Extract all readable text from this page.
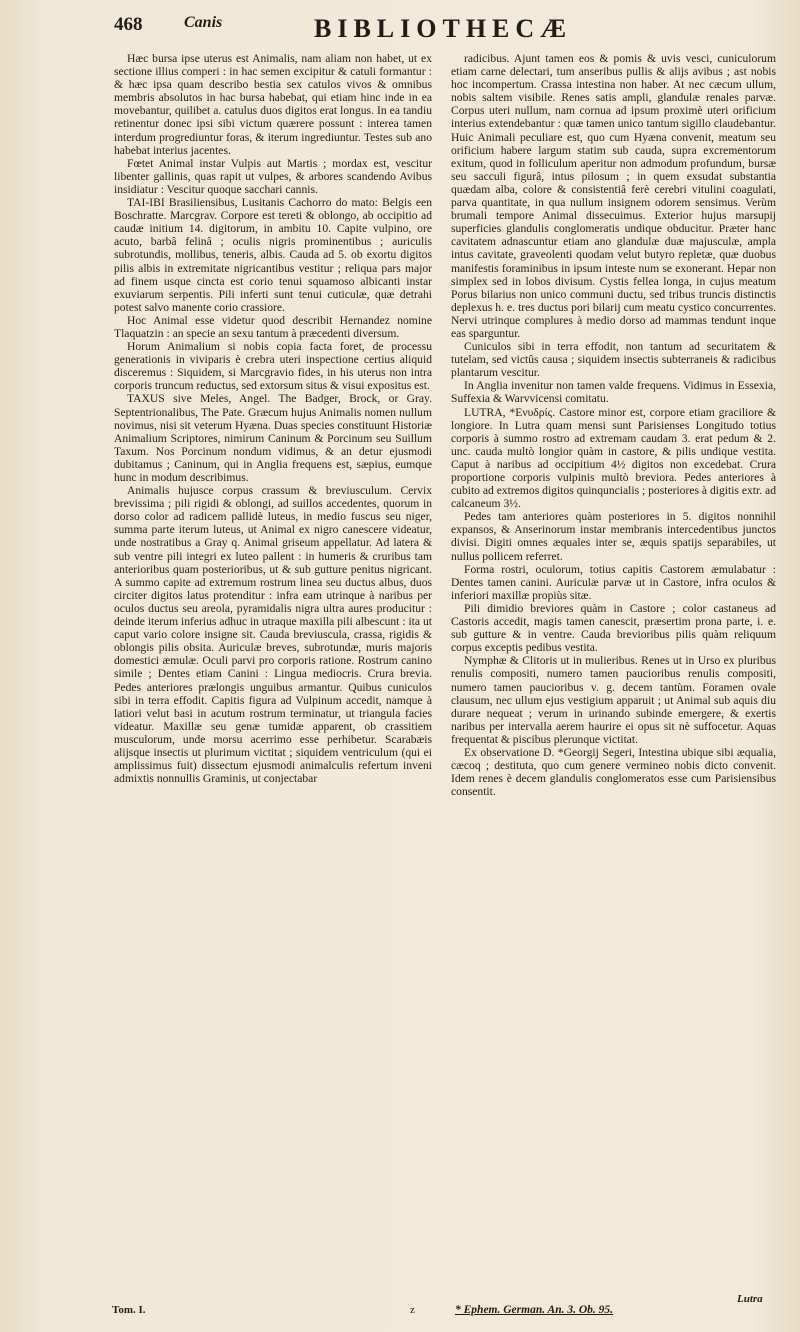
468	Canis	BIBLIOTHECÆ

Hæc bursa ipse uterus est Animalis, nam aliam non habet, ut ex sectione illius comperi : in hac semen excipitur & catuli formantur : & hæc ipsa quam describo bestia sex catulos vivos & omnibus membris absolutos in hac bursa habebat, qui etiam hinc inde in ea movebantur, quilibet a. catulus duos digitos erat longus. In ea tandiu retinentur donec ipsi sibi victum quærere possunt : interea tamen interdum progrediuntur foras, & iterum ingrediuntur. Testes sub ano habebat interius jacentes.

Fœtet Animal instar Vulpis aut Martis ; mordax est, vescitur libenter gallinis, quas rapit ut vulpes, & arbores scandendo Avibus insidiatur : Vescitur quoque sacchari cannis.

TAI-IBI Brasiliensibus, Lusitanis Cachorro do mato: Belgis een Boschratte. Marcgrav. Corpore est tereti & oblongo, ab occipitio ad caudæ initium 14. digitorum, in ambitu 10. Capite vulpino, ore acuto, barbâ felinâ ; oculis nigris prominentibus ; auriculis subrotundis, mollibus, teneris, albis. Cauda ad 5. ob exortu digitos pilis albis in extremitate nigricantibus vestitur ; reliqua pars major ad finem usque cincta est corio tenui squamoso albicanti instar exuviarum serpentis. Pili inferti sunt tenui cuticulæ, quæ detrahi potest salvo manente corio crassiore.

Hoc Animal esse videtur quod describit Hernandez nomine Tlaquatzin : an specie an sexu tantum à præcedenti diversum.

Horum Animalium si nobis copia facta foret, de processu generationis in viviparis è crebra uteri inspectione certius aliquid disceremus : Siquidem, si Marcgravio fides, in his uterus non intra corporis truncum reductus, sed extorsum situs & visui expositus est.

TAXUS sive Meles, Angel. The Badger, Brock, or Gray. Septentrionalibus, The Pate. Græcum hujus Animalis nomen nullum novimus, nisi sit veterum Hyæna. Duas species constituunt Historiæ Animalium Scriptores, nimirum Caninum & Porcinum seu Suillum Taxum. Nos Porcinum nondum vidimus, & an detur ejusmodi dubitamus ; Caninum, qui in Anglia frequens est, sæpius, eumque hunc in modum describimus.

Animalis hujusce corpus crassum & breviusculum. Cervix brevissima ; pili rigidi & oblongi, ad suillos accedentes, quorum in dorso color ad radicem pallidè luteus, in medio fuscus seu niger, summa parte iterum luteus, ut Animal ex nigro canescere videatur, unde nostratibus a Gray q. Animal griseum appellatur. Ad latera & sub ventre pili integri ex luteo pallent : in humeris & cruribus tam anterioribus quam posterioribus, ut & sub gutture penitus nigricant. A summo capite ad extremum rostrum linea seu ductus albus, duos circiter digitos latus protenditur : infra eam utrinque à naribus per oculos ductus seu areola, pyramidalis nigra ultra aures producitur : deinde iterum inferius adhuc in utraque maxilla pili albescunt : ita ut caput vario colore insigne sit. Cauda breviuscula, crassa, rigidis & oblongis pilis obsita. Auriculæ breves, subrotundæ, muris majoris domestici æmulæ. Oculi parvi pro corporis ratione. Rostrum canino simile ; Dentes etiam Canini : Lingua mediocris. Crura brevia. Pedes anteriores prælongis unguibus armantur. Quibus cuniculos sibi in terra effodit. Capitis figura ad Vulpinum accedit, namque à latiori velut basi in acutum rostrum terminatur, ut triangula facies videatur. Maxillæ seu genæ tumidæ apparent, ob crassitiem musculorum, unde morsu acerrimo esse perhibetur. Scarabæis alijsque insectis ut plurimum victitat ; siquidem ventriculum (qui ei amplissimus fuit) dissectum ejusmodi animalculis refertum inveni admixtis nonnullis Graminis, ut conjectabar

radicibus. Ajunt tamen eos & pomis & uvis vesci, cuniculorum etiam carne delectari, tum anseribus pullis & alijs avibus ; ast nobis hoc incompertum. Crassa intestina non haber. At nec cæcum ullum, nobis saltem visibile. Renes satis ampli, glandulæ renales parvæ. Corpus uteri nullum, nam cornua ad ipsum proximè uteri orificium interius extendebantur : quæ tamen unico tantum sigillo claudebantur. Huic Animali peculiare est, quo cum Hyæna convenit, meatum seu orificium habere largum statim sub cauda, supra excrementorum exitum, quod in folliculum aperitur non admodum profundum, bursæ seu sacculi figurâ, intus pilosum ; in quem exsudat substantia quædam alba, colore & consistentiâ ferè cerebri vitulini coagulati, parva quantitate, in qua nullum insignem odorem sensimus. Verùm brumali tempore Animal dissecuimus. Exterior hujus marsupij superficies glandulis conglomeratis undique obducitur. Præter hanc cavitatem adnascuntur etiam ano glandulæ duæ majusculæ, ampla intus cavitate, graveolenti quodam velut butyro repletæ, quæ duobus manifestis foraminibus in ipsum inteste num se exonerant. Hepar non simplex sed in lobos divisum. Cystis fellea longa, in cujus meatum Porus bilarius non unico communi ductu, sed tribus truncis distinctis deplexus h. e. tres ductus pori bilarij cum meatu cystico concurrentes. Nervi utrinque complures à medio dorso ad mammas tendunt inque eas sparguntur.

Cuniculos sibi in terra effodit, non tantum ad securitatem & tutelam, sed victûs causa ; siquidem insectis subterraneis & radicibus plantarum vescitur.

In Anglia invenitur non tamen valde frequens. Vidimus in Essexia, Suffexia & Warvvicensi comitatu.

LUTRA, *Ενυδρίς. Castore minor est, corpore etiam graciliore & longiore. In Lutra quam mensi sunt Parisienses Longitudo totius corporis à summo rostro ad extremam caudam 3. erat pedum & 2. unc. cauda multò longior quàm in castore, & pilis undique vestita. Caput à naribus ad occipitium 4½ digitos non excedebat. Crura proportione corporis vulpinis multò breviora. Pedes anteriores à cubito ad extremos digitos quinquncialis ; posteriores à digitis extr. ad calcaneum 3½.

Pedes tam anteriores quàm posteriores in 5. digitos nonnihil expansos, & Anserinorum instar membranis intercedentibus junctos divisi. Digiti omnes æquales inter se, æquis spatijs separabiles, ut nullus pollicem referret.

Forma rostri, oculorum, totius capitis Castorem æmulabatur : Dentes tamen canini. Auriculæ parvæ ut in Castore, infra oculos & inferiori maxillæ propiùs sitæ.

Pili dimidio breviores quàm in Castore ; color castaneus ad Castoris accedit, magis tamen canescit, præsertim prona parte, i. e. sub gutture & in ventre. Cauda brevioribus pilis quàm reliquum corpus exceptis pedibus vestita.

Nymphæ & Clitoris ut in mulieribus. Renes ut in Urso ex pluribus renulis compositi, numero tamen paucioribus renulis compositi, numero tamen paucioribus v. g. decem tantùm. Foramen ovale clausum, nec ullum ejus vestigium apparuit ; ut Animal sub aquis diu durare nequeat ; verum in urinando subinde emergere, & exertis naribus per intervalla aerem haurire ei opus sit nè suffocetur. Aquas frequentat & piscibus plerunque victitat.

Ex observatione D. *Georgij Segeri, Intestina ubique sibi æqualia, cæcoq ; destituta, quo cum genere vermineo nobis dicto convenit. Idem renes è decem glandulis conglomeratos esse cum Parisiensibus consentit.

Tom. I.	z	* Ephem. German. An. 3. Ob. 95.
Lutra
